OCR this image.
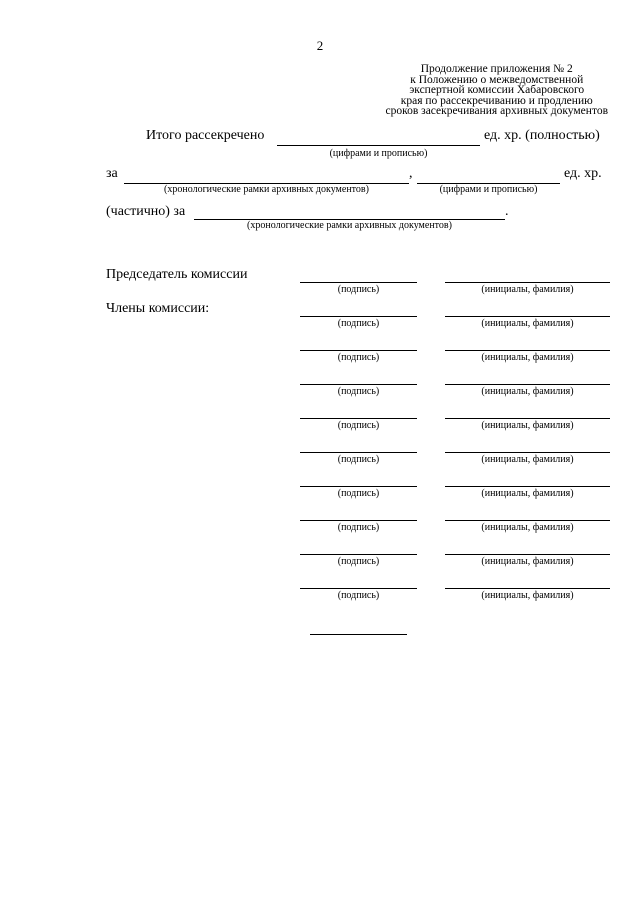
2
Продолжение приложения № 2
к Положению о межведомственной
экспертной комиссии Хабаровского
края по рассекречиванию и продлению
сроков засекречивания архивных документов
Итого рассекречено	ед. хр. (полностью)
(цифрами и прописью)
за	,	ед. хр.
(хронологические рамки архивных документов)	(цифрами и прописью)
(частично) за	.
(хронологические рамки архивных документов)
Председатель комиссии
Члены комиссии:
(подпись)	(инициалы, фамилия)
(подпись)	(инициалы, фамилия)
(подпись)	(инициалы, фамилия)
(подпись)	(инициалы, фамилия)
(подпись)	(инициалы, фамилия)
(подпись)	(инициалы, фамилия)
(подпись)	(инициалы, фамилия)
(подпись)	(инициалы, фамилия)
(подпись)	(инициалы, фамилия)
(подпись)	(инициалы, фамилия)
